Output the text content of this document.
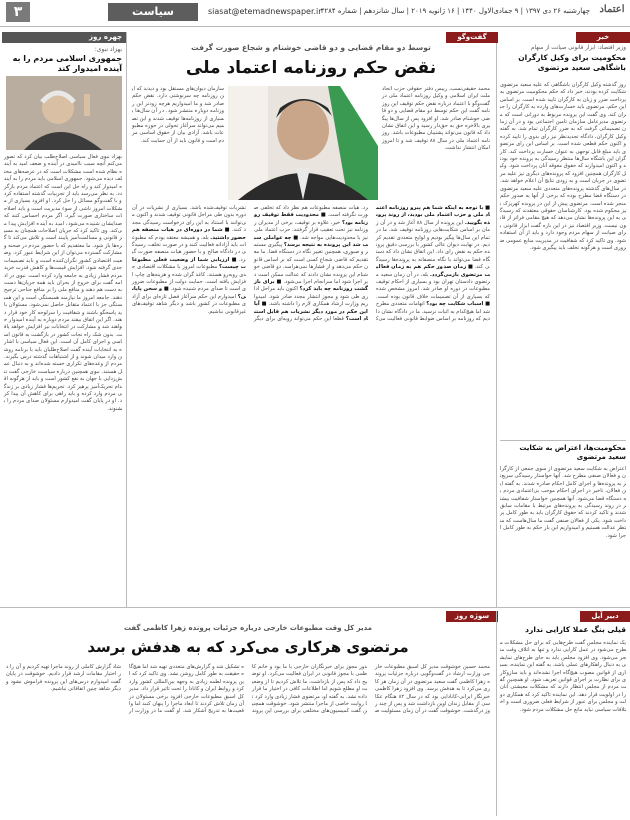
۳	سیاست	siasat@etemadnewspaper.ir چهارشنبه ۲۶ دی ۱۳۹۷ | ۹ جمادی‌الاول ۱۴۴۰ | ۱۶ ژانویه ۲۰۱۹ | سال شانزدهم | شماره ۴۲۸۴ اعتماد
چهره روز
بهزاد نبوی:
جمهوری اسلامی مردم را به آینده امیدوار کند
بهزاد نبوی فعال سیاسی اصلاح‌طلب بیان کرد که تصور می‌کنم آنچه سبب ناامیدی در آینده و ضعف امید به آینده نظام شده است مشکلات است که در عرصه‌های مختلف دیده می‌شود. جمهوری اسلامی باید مردم را به آینده امیدوار کند و راه حل این است که اعتماد مردم بازگردد. به نظر می‌رسد باید از تجربیات گذشته استفاده کرد و با گفت‌وگو مسائل را حل کرد. او افزود بسیاری از مشکلات امروز ناشی از سوء مدیریت است و باید اصلاحات ساختاری صورت گیرد. اگر مردم احساس کنند که صدایشان شنیده می‌شود، امید به آینده افزایش پیدا می‌کند. وی تاکید کرد که جریان اصلاحات همچنان به مسیر قانونی و مسالمت‌آمیز پایبند است و تلاش می‌کند تا گره‌ها باز شود. ما معتقدیم که با حضور مردم در صحنه و مشارکت گسترده می‌توان از این شرایط عبور کرد. وضعیت اقتصادی کشور نگران‌کننده است و باید تصمیمات جدی گرفته شود. افزایش قیمت‌ها و کاهش قدرت خرید مردم فشار زیادی به جامعه وارد کرده است. نبوی در ادامه گفت برای خروج از بحران باید همه جریان‌ها دست به دست هم دهند و منافع ملی را بر منافع جناحی ترجیح دهند. جامعه امروز ما نیازمند همبستگی است و این همبستگی جز با اعتماد متقابل حاصل نمی‌شود. مسئولان باید پاسخگو باشند و شفافیت را سرلوحه کار خود قرار دهند. اگر این اتفاق بیفتد مردم دوباره به آینده امیدوار خواهند شد و مشارکت در انتخابات نیز افزایش خواهد یافت. بدون شک راه نجات کشور در بازگشت به قانون اساسی و اجرای کامل آن است. این فعال سیاسی با اشاره به انتخابات آینده گفت اصلاح‌طلبان باید با برنامه روشن وارد میدان شوند و از اشتباهات گذشته درس بگیرند. مردم از وعده‌های تکراری خسته شده‌اند و به دنبال عمل هستند. نبوی همچنین درباره سیاست خارجی گفت تنش‌زدایی با جهان به نفع کشور است و باید از هرگونه اقدام تحریک‌آمیز پرهیز کرد. تحریم‌ها فشار زیادی بر زندگی مردم وارد کرده و باید راهی برای کاهش آن پیدا کرد. او در پایان گفت امیدوارم مسئولان صدای مردم را بشنوند.
گفت‌وگو
توسط دو مقام قضایی و دو قاضی خوشنام و شجاع صورت گرفت
نقض حکم روزنامه اعتماد ملی
محمد حقیقی‌نسب، رییس دفتر حقوقی حزب اتحاد ملت ایران اسلامی و وکیل روزنامه اعتماد ملی در گفت‌وگو با اعتماد درباره نقض حکم توقیف این روزنامه گفت این حکم توسط دو مقام قضایی و دو قاضی خوشنام صادر شد. او افزود پس از سال‌ها پیگیری بالاخره حق به حق‌دار رسید و این اتفاق نشان داد که قانون می‌تواند پشتیبان مطبوعات باشد. روزنامه اعتماد ملی در سال ۸۸ توقیف شد و تا امروز امکان انتشار نداشت.
سازمان دیوان‌های مستقل بود و دیدند که این روزنامه چه سرنوشتی دارد. نقض حکم صادر شد و ما امیدواریم هرچه زودتر این روزنامه دوباره منتشر شود. در آن سال‌ها بسیاری از روزنامه‌ها توقیف شدند و این تصمیم می‌تواند سرآغاز تحولی در حوزه مطبوعات باشد. آزادی بیان از حقوق اساسی مردم است و قانون باید از آن حمایت کند.
■ با توجه به اینکه شما هم پیرو روزنامه اعتماد ملی و حزب اعتماد ملی بودید، از روند پرونده بگویید. این پرونده از سال ۸۸ آغاز شد و در آن زمان بر اساس شکایت‌هایی روزنامه توقیف شد. ما در تمام این سال‌ها پیگیر بودیم و لوایح متعددی تقدیم کردیم. در نهایت دیوان عالی کشور با بررسی دقیق پرونده حکم به نقض رای داد. این اتفاق نشان داد که دستگاه قضا می‌تواند با نگاه منصفانه به پرونده‌ها رسیدگی کند. ■ زمان صدور حکم هم به زمان فعالیت مرتضوی بازمی‌گردد. بله، در آن زمان سعید مرتضوی دادستان تهران بود و بسیاری از احکام توقیف مطبوعات در دوره او صادر شد. امروز مشخص شده که بسیاری از آن تصمیمات خلاف قانون بوده است. ■ اسباب شکایت چه بود؟ اتهامات متعددی مطرح شد اما هیچ‌کدام به اثبات نرسید. ما در دادگاه نشان دادیم که روزنامه بر اساس ضوابط قانونی فعالیت می‌کرد. هیات منصفه مطبوعات هم نظر داد که تخلفی صورت نگرفته است. ■ محدودیت فقط توقیف روزنامه بود؟ خیر، علاوه بر توقیف، برخی از مدیران روزنامه نیز تحت تعقیب قرار گرفتند. حزب اعتماد ملی نیز با محدودیت‌هایی مواجه شد. ■ چه عواملی سبب شد این پرونده به نتیجه برسد؟ پیگیری مستمر و صبوری، همچنین تغییر نگاه در دستگاه قضا. ما معتقدیم که قاضی شجاع کسی است که بر اساس قانون حکم می‌دهد و از فشارها نمی‌هراسد. دو قاضی خوشنام این پرونده نشان دادند که عدالت ممکن است دیر اجرا شود اما سرانجام اجرا می‌شود. ■ برای بازگشت روزنامه چه باید کرد؟ اکنون باید مراحل اداری طی شود و مجوز انتشار مجدد صادر شود. امیدواریم وزارت ارشاد همکاری لازم را داشته باشد. ■ آیا این حکم در مورد دیگر نشریات هم قابل استناد است؟ قطعا این حکم می‌تواند رویه‌ای برای دیگر نشریات توقیف‌شده باشد. بسیاری از نشریات در آن دوره بدون طی مراحل قانونی توقیف شدند و اکنون می‌توانند با استناد به این رای درخواست رسیدگی مجدد کنند. ■ شما در دوره‌ای در هیات منصفه هم حضور داشتید. بله، و همیشه معتقد بودم که مطبوعات باید آزادانه فعالیت کنند و در صورت تخلف، رسیدگی در دادگاه صالح و با حضور هیات منصفه صورت گیرد. ■ ارزیابی شما از وضعیت فعلی مطبوعات چیست؟ مطبوعات امروز با مشکلات اقتصادی جدی روبه‌رو هستند. کاغذ گران شده و هزینه‌های چاپ افزایش یافته است. حمایت دولت از مطبوعات ضروری است تا صدای مردم شنیده شود. ■ و سخن پایانی؟ امیدوارم این حکم سرآغاز فصل تازه‌ای برای آزادی مطبوعات در کشور باشد و دیگر شاهد توقیف‌های غیرقانونی نباشیم.
خبر
وزیر اقتصاد: ابزار قانونی صیانت از سهام
محکومیت برای وکیل کارگران باشگاهی سعید مرتضوی
روز گذشته وکیل کارگران باشگاهی که علیه سعید مرتضوی شکایت کرده بودند، خبر داد که حکم محکومیت مرتضوی به پرداخت ضرر و زیان به کارگران تایید شده است. بر اساس این حکم، مرتضوی باید خسارت‌های وارده به کارگران را جبران کند. وی گفت این پرونده مربوط به دورانی است که مرتضوی مدیرعامل سازمان تامین اجتماعی بود و در آن زمان تصمیماتی گرفت که به ضرر کارگران تمام شد. به گفته وکیل کارگران، دادگاه تجدیدنظر نیز رای بدوی را تایید کرده و اکنون حکم قطعی شده است. بر اساس این رای مرتضوی باید مبلغ قابل توجهی به عنوان خسارت پرداخت کند. کارگران این باشگاه سال‌ها منتظر رسیدگی به پرونده خود بودند و اکنون امیدوارند که حقوق معوقه آنان پرداخت شود. وکیل کارگران همچنین افزود که پرونده‌های دیگری نیز علیه مرتضوی در جریان است و به زودی نتایج آن اعلام خواهد شد. در سال‌های گذشته پرونده‌های متعددی علیه سعید مرتضوی در دستگاه قضا مطرح بوده که برخی از آنها به صدور حکم منجر شده است. مرتضوی پیش از این در پرونده کهریزک نیز محکوم شده بود. کارشناسان حقوقی معتقدند که رسیدگی به این پرونده‌ها نشان می‌دهد که هیچ مقامی فراتر از قانون نیست. وزیر اقتصاد نیز در این باره گفت ابزار قانونی برای صیانت از سهام مردم وجود دارد و باید از آن استفاده شود. وی تاکید کرد که شفافیت در مدیریت منابع عمومی ضروری است و هرگونه تخلف باید پیگیری شود.
محکومیت‌ها، اعتراض به شکایت سعید مرتضوی
اعتراض به شکایت سعید مرتضوی از سوی جمعی از کارگران و فعالان صنفی مطرح شد. آنها خواستار رسیدگی سریع‌تر به پرونده‌ها و اجرای کامل احکام صادره شدند. به گفته این فعالان، تاخیر در اجرای احکام موجب بی‌اعتمادی مردم به دستگاه قضا می‌شود. آنها همچنین خواستار شفافیت بیشتر در روند رسیدگی به پرونده‌های مرتبط با مقامات سابق شدند و تاکید کردند که حقوق کارگران باید به طور کامل پرداخت شود. یکی از فعالان صنفی گفت ما سال‌هاست که منتظر عدالت هستیم و امیدواریم این بار حکم به طور کامل اجرا شود.
سوژه روز
مدیر کل وقت مطبوعات خارجی درباره جزئیات پرونده زهرا کاظمی گفت
مرتضوی هرکاری می‌کرد که به هدفش برسد
محمد حسین خوشوقت مدیر کل اسبق مطبوعات خارجی وزارت ارشاد در گفت‌وگویی درباره جزئیات پرونده زهرا کاظمی گفت سعید مرتضوی در آن زمان هر کاری می‌کرد تا به هدفش برسد. وی افزود زهرا کاظمی خبرنگار ایرانی-کانادایی بود که در سال ۸۲ هنگام عکاسی از مقابل زندان اوین بازداشت شد و پس از چند روز درگذشت. خوشوقت گفت در آن زمان مسئولیت صدور مجوز برای خبرنگاران خارجی با ما بود و خانم کاظمی با مجوز قانونی در ایران فعالیت می‌کرد. او توضیح داد که پس از بازداشت، ما تلاش کردیم تا از وضعیت او مطلع شویم اما اطلاعات کافی در اختیار ما قرار داده نشد. به گفته او، مرتضوی فشار زیادی وارد کرد تا روایت خاصی از ماجرا منتشر شود. خوشوقت همچنین گفت کمیسیون‌های مختلفی برای بررسی این پرونده تشکیل شد و گزارش‌های متعددی تهیه شد اما هیچ‌گاه حقیقت به طور کامل روشن نشد. وی تاکید کرد که این پرونده لطمه زیادی به وجهه بین‌المللی کشور وارد کرد و روابط ایران و کانادا را تحت تاثیر قرار داد. مدیر کل اسبق مطبوعات خارجی افزود برخی مسئولان در آن زمان تلاش کردند تا ابعاد ماجرا را پنهان کنند اما واقعیت‌ها به تدریج آشکار شد. او گفت ما در وزارت ارشاد گزارش کاملی از روند ماجرا تهیه کردیم و آن را در اختیار مقامات ارشد قرار دادیم. خوشوقت در پایان گفت امیدوارم درس‌های این پرونده فراموش نشود و دیگر شاهد چنین اتفاقاتی نباشیم.
دبیر آیل
قیلی بنگ عملا کارایی ندارد
یک نماینده مجلس گفت طرح‌هایی که برای حل مشکلات مطرح می‌شود در عمل کارایی ندارد و تنها به اتلاف وقت منجر می‌شود. وی افزود مجلس باید به جای طرح‌های نمایشی به دنبال راهکارهای عملی باشد. به گفته این نماینده، بسیاری از قوانین مصوب هیچ‌گاه اجرا نشده‌اند و باید سازوکاری برای نظارت بر اجرای قوانین تعریف شود. او همچنین گفت مردم از مجلس انتظار دارند که مشکلات معیشتی آنان را در اولویت قرار دهد. این نماینده تاکید کرد که همکاری دولت و مجلس برای عبور از شرایط فعلی ضروری است و اختلافات سیاسی نباید مانع حل مشکلات مردم شود.
